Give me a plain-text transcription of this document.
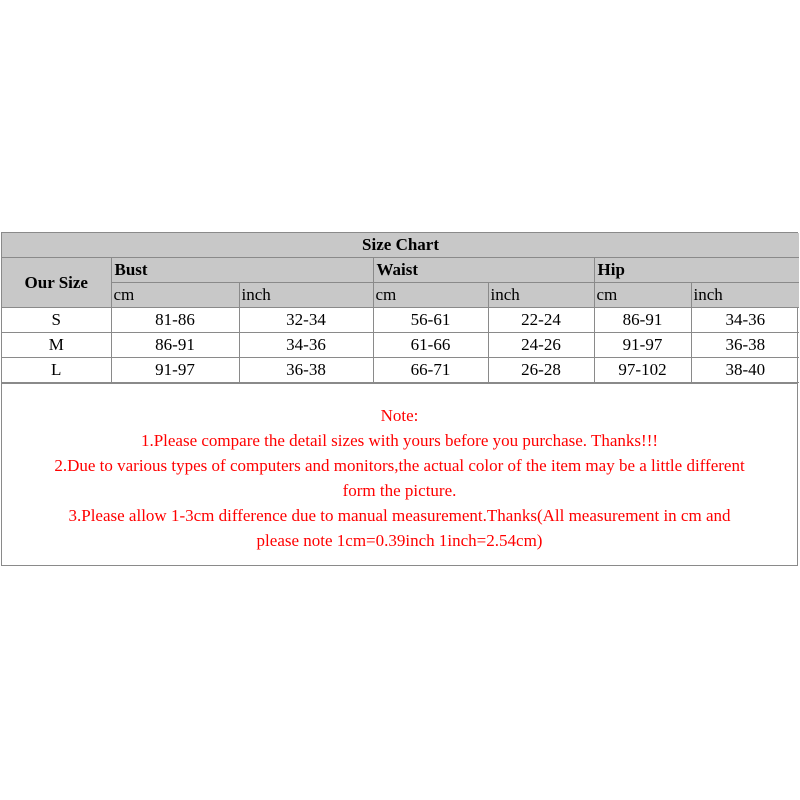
Size Chart						
Our Size	Bust		Waist		Hip	
	cm	inch	cm	inch	cm	inch
S	81-86	32-34	56-61	22-24	86-91	34-36
M	86-91	34-36	61-66	24-26	91-97	36-38
L	91-97	36-38	66-71	26-28	97-102	38-40
Note:
1.Please compare the detail sizes with yours before you purchase. Thanks!!!
2.Due to various types of computers and monitors,the actual color of the item may be a little different
form the picture.
3.Please allow 1-3cm difference due to manual measurement.Thanks(All measurement in cm and
please note 1cm=0.39inch 1inch=2.54cm)
